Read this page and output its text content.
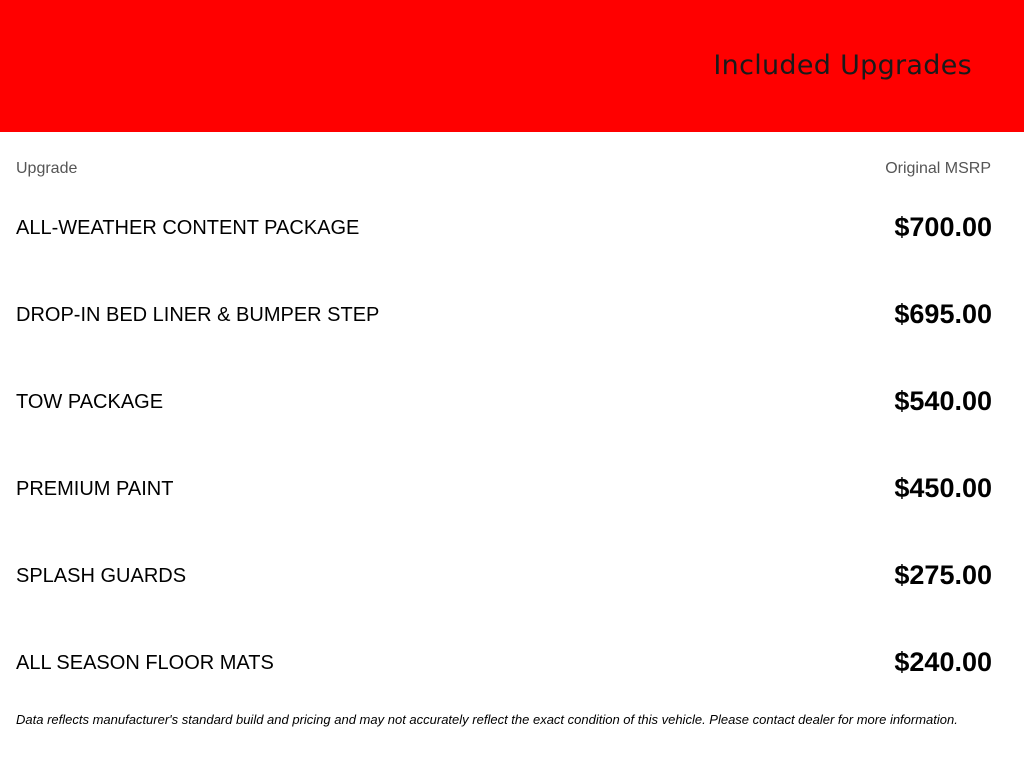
Included Upgrades
Upgrade	Original MSRP
ALL-WEATHER CONTENT PACKAGE	$700.00
DROP-IN BED LINER & BUMPER STEP	$695.00
TOW PACKAGE	$540.00
PREMIUM PAINT	$450.00
SPLASH GUARDS	$275.00
ALL SEASON FLOOR MATS	$240.00
Data reflects manufacturer's standard build and pricing and may not accurately reflect the exact condition of this vehicle. Please contact dealer for more information.
